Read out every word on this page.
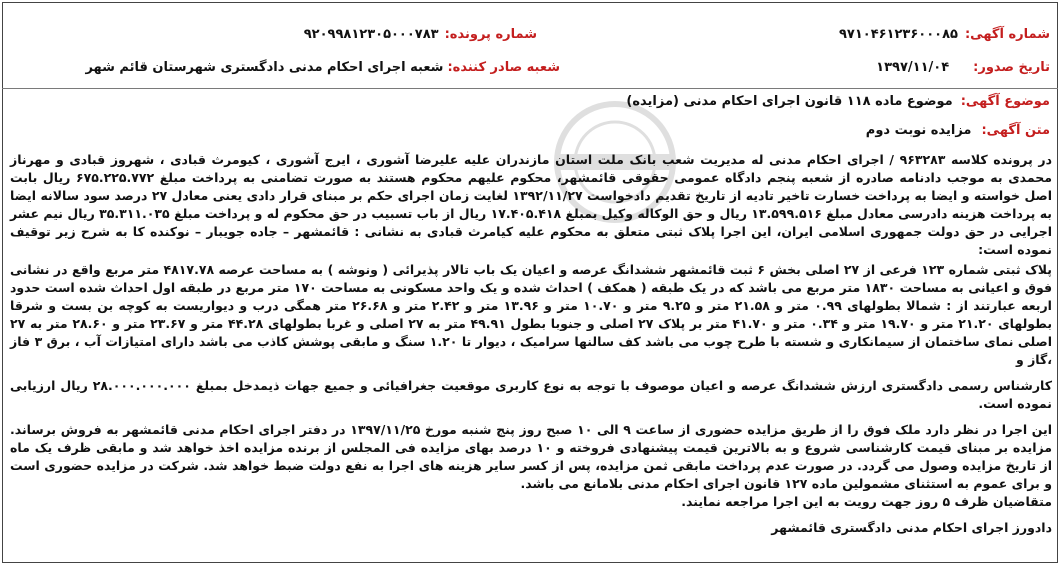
شماره آگهی:
۹۷۱۰۴۶۱۲۳۶۰۰۰۸۵
تاریخ صدور:
۱۳۹۷/۱۱/۰۴
شماره پرونده:
۹۲۰۹۹۸۱۲۳۰۵۰۰۰۷۸۳
شعبه صادر کننده:
شعبه اجرای احکام مدنی دادگستری شهرستان قائم شهر
موضوع آگهی:
موضوع ماده ۱۱۸ قانون اجرای احکام مدنی (مزایده)
متن آگهی:
مزایده نوبت دوم

در پرونده کلاسه ۹۶۳۲۸۳ / اجرای احکام مدنی له مدیریت شعب بانک ملت استان مازندران علیه علیرضا آشوری ، ایرج آشوری ، کیومرث قبادی ، شهروز قبادی و مهرناز محمدی به موجب دادنامه صادره از شعبه پنجم دادگاه عمومی حقوقی قائمشهر، محکوم علیهم محکوم هستند به صورت تضامنی به پرداخت مبلغ ۶۷۵.۲۲۵.۷۷۲ ریال بابت اصل خواسته و ایضا به پرداخت خسارت تاخیر تادیه از تاریخ تقدیم دادخواست ۱۳۹۲/۱۱/۲۷ لغایت زمان اجرای حکم بر مبنای قرار دادی یعنی معادل ۲۷ درصد سود سالانه ایضا به پرداخت هزینه دادرسی معادل مبلغ ۱۳.۵۹۹.۵۱۶ ریال و حق الوکاله وکیل بمبلغ ۱۷.۴۰۵.۴۱۸ ریال از باب تسبیب در حق محکوم له و پرداخت مبلغ ۳۵.۳۱۱.۰۳۵ ریال نیم عشر اجرایی در حق دولت جمهوری اسلامی ایران، این اجرا پلاک ثبتی متعلق به محکوم علیه کیامرث قبادی به نشانی : قائمشهر – جاده جویبار – نوکنده کا به شرح زیر توقیف نموده است:

پلاک ثبتی شماره ۱۲۳ فرعی از ۲۷ اصلی بخش ۶ ثبت قائمشهر ششدانگ عرصه و اعیان یک باب تالار پذیرائی ( ونوشه ) به مساحت عرصه ۴۸۱۷.۷۸ متر مربع واقع در نشانی فوق و اعیانی به مساحت ۱۸۳۰ متر مربع می باشد که در یک طبقه ( همکف ) احداث شده و یک واحد مسکونی به مساحت ۱۷۰ متر مربع در طبقه اول احداث شده است حدود اربعه عبارتند از : شمالا بطولهای ۰.۹۹ متر و ۲۱.۵۸ متر و ۹.۲۵ متر و ۱۰.۷۰ متر و ۱۳.۹۶ متر و ۲.۴۲ متر و ۲۶.۶۸ متر همگی درب و دیواریست به کوچه بن بست و شرقا بطولهای ۲۱.۲۰ متر و ۱۹.۷۰ متر و ۰.۳۴ متر و ۴۱.۷۰ متر بر پلاک ۲۷ اصلی و جنوبا بطول ۴۹.۹۱ متر به ۲۷ اصلی و غربا بطولهای ۴۴.۲۸ متر و ۲۳.۶۷ متر و ۲۸.۶۰ متر به ۲۷ اصلی نمای ساختمان از سیمانکاری و شسته با طرح چوب می باشد کف سالنها سرامیک ، دیوار تا ۱.۲۰ سنگ و مابقی پوشش کاذب می باشد دارای امتیازات آب ، برق ۳ فاز ،گاز و

کارشناس رسمی دادگستری ارزش ششدانگ عرصه و اعیان موصوف با توجه به نوع کاربری موقعیت جغرافیائی و جمیع جهات ذیمدخل بمبلغ ۲۸.۰۰۰.۰۰۰.۰۰۰ ریال ارزیابی نموده است.

این اجرا در نظر دارد ملک فوق را از طریق مزایده حضوری از ساعت ۹ الی ۱۰ صبح روز پنج شنبه مورخ ۱۳۹۷/۱۱/۲۵ در دفتر اجرای احکام مدنی قائمشهر به فروش برساند. مزایده بر مبنای قیمت کارشناسی شروع و به بالاترین قیمت پیشنهادی فروخته و ۱۰ درصد بهای مزایده فی المجلس از برنده مزایده اخذ خواهد شد و مابقی ظرف یک ماه از تاریخ مزایده وصول می گردد. در صورت عدم پرداخت مابقی ثمن مزایده، پس از کسر سایر هزینه های اجرا به نفع دولت ضبط خواهد شد. شرکت در مزایده حضوری است و برای عموم به استثنای مشمولین ماده ۱۲۷ قانون اجرای احکام مدنی بلامانع می باشد.

متقاضیان ظرف ۵ روز جهت رویت به این اجرا مراجعه نمایند.

دادورز اجرای احکام مدنی دادگستری قائمشهر
